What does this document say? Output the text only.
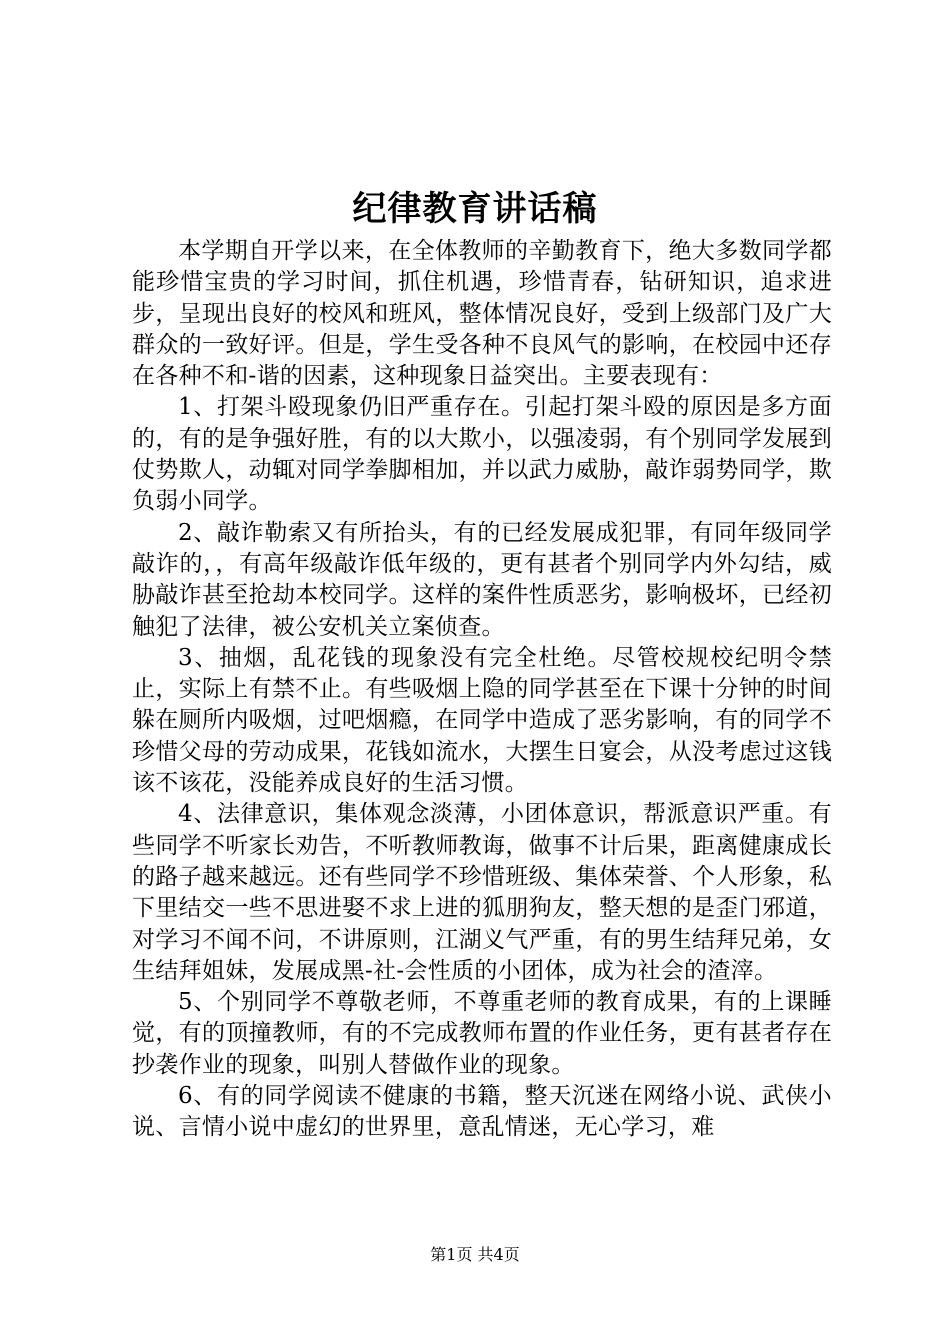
纪律教育讲话稿

本学期自开学以来，在全体教师的辛勤教育下，绝大多数同学都能珍惜宝贵的学习时间，抓住机遇，珍惜青春，钻研知识，追求进步，呈现出良好的校风和班风，整体情况良好，受到上级部门及广大群众的一致好评。但是，学生受各种不良风气的影响，在校园中还存在各种不和-谐的因素，这种现象日益突出。主要表现有：

1、打架斗殴现象仍旧严重存在。引起打架斗殴的原因是多方面的，有的是争强好胜，有的以大欺小，以强凌弱，有个别同学发展到仗势欺人，动辄对同学拳脚相加，并以武力威胁，敲诈弱势同学，欺负弱小同学。

2、敲诈勒索又有所抬头，有的已经发展成犯罪，有同年级同学敲诈的，，有高年级敲诈低年级的，更有甚者个别同学内外勾结，威胁敲诈甚至抢劫本校同学。这样的案件性质恶劣，影响极坏，已经初触犯了法律，被公安机关立案侦查。

3、抽烟，乱花钱的现象没有完全杜绝。尽管校规校纪明令禁止，实际上有禁不止。有些吸烟上隐的同学甚至在下课十分钟的时间躲在厕所内吸烟，过吧烟瘾，在同学中造成了恶劣影响，有的同学不珍惜父母的劳动成果，花钱如流水，大摆生日宴会，从没考虑过这钱该不该花，没能养成良好的生活习惯。

4、法律意识，集体观念淡薄，小团体意识，帮派意识严重。有些同学不听家长劝告，不听教师教诲，做事不计后果，距离健康成长的路子越来越远。还有些同学不珍惜班级、集体荣誉、个人形象，私下里结交一些不思进娶不求上进的狐朋狗友，整天想的是歪门邪道，对学习不闻不问，不讲原则，江湖义气严重，有的男生结拜兄弟，女生结拜姐妹，发展成黑-社-会性质的小团体，成为社会的渣滓。

5、个别同学不尊敬老师，不尊重老师的教育成果，有的上课睡觉，有的顶撞教师，有的不完成教师布置的作业任务，更有甚者存在抄袭作业的现象，叫别人替做作业的现象。

6、有的同学阅读不健康的书籍，整天沉迷在网络小说、武侠小说、言情小说中虚幻的世界里，意乱情迷，无心学习，难

第1页 共4页
